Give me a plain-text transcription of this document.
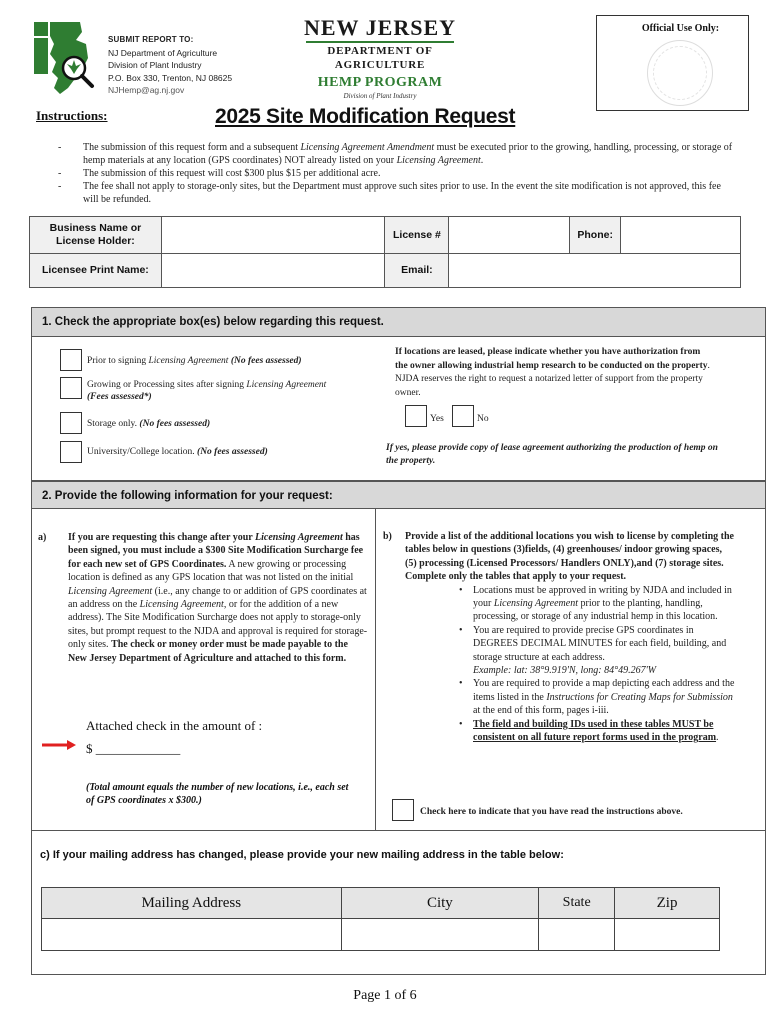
SUBMIT REPORT TO:
NJ Department of Agriculture
Division of Plant Industry
P.O. Box 330, Trenton, NJ 08625
NJHemp@ag.nj.gov
NEW JERSEY
DEPARTMENT OF AGRICULTURE
HEMP PROGRAM
Division of Plant Industry
Official Use Only:
Instructions:	2025 Site Modification Request
- The submission of this request form and a subsequent Licensing Agreement Amendment must be executed prior to the growing, handling, processing, or storage of hemp materials at any location (GPS coordinates) NOT already listed on your Licensing Agreement.
- The submission of this request will cost $300 plus $15 per additional acre.
- The fee shall not apply to storage-only sites, but the Department must approve such sites prior to use. In the event the site modification is not approved, this fee will be refunded.
Business Name or License Holder:		License #		Phone:	
Licensee Print Name:		Email:			
1. Check the appropriate box(es) below regarding this request.
Prior to signing Licensing Agreement (No fees assessed)
Growing or Processing sites after signing Licensing Agreement
(Fees assessed*)
Storage only. (No fees assessed)
University/College location. (No fees assessed)
If locations are leased, please indicate whether you have authorization from the owner allowing industrial hemp research to be conducted on the property. NJDA reserves the right to request a notarized letter of support from the property owner.
Yes	No
If yes, please provide copy of lease agreement authorizing the production of hemp on the property.
2. Provide the following information for your request:
a) If you are requesting this change after your Licensing Agreement has been signed, you must include a $300 Site Modification Surcharge fee for each new set of GPS Coordinates. A new growing or processing location is defined as any GPS location that was not listed on the initial Licensing Agreement (i.e., any change to or addition of GPS coordinates at an address on the Licensing Agreement, or for the addition of a new address). The Site Modification Surcharge does not apply to storage-only sites, but prompt request to the NJDA and approval is required for storage-only sites. The check or money order must be made payable to the New Jersey Department of Agriculture and attached to this form.
Attached check in the amount of :
$ _____________
(Total amount equals the number of new locations, i.e., each set of GPS coordinates x $300.)
b) Provide a list of the additional locations you wish to license by completing the tables below in questions (3)fields, (4) greenhouses/ indoor growing spaces, (5) processing (Licensed Processors/ Handlers ONLY),and (7) storage sites. Complete only the tables that apply to your request.
• Locations must be approved in writing by NJDA and included in your Licensing Agreement prior to the planting, handling, processing, or storage of any industrial hemp in this location.
• You are required to provide precise GPS coordinates in DEGREES DECIMAL MINUTES for each field, building, and storage structure at each address.
Example: lat: 38°9.919'N, long: 84°49.267'W
• You are required to provide a map depicting each address and the items listed in the Instructions for Creating Maps for Submission at the end of this form, pages i-iii.
• The field and building IDs used in these tables MUST be consistent on all future report forms used in the program.
Check here to indicate that you have read the instructions above.
c) If your mailing address has changed, please provide your new mailing address in the table below:
Mailing Address	City	State	Zip

Page 1 of 6
